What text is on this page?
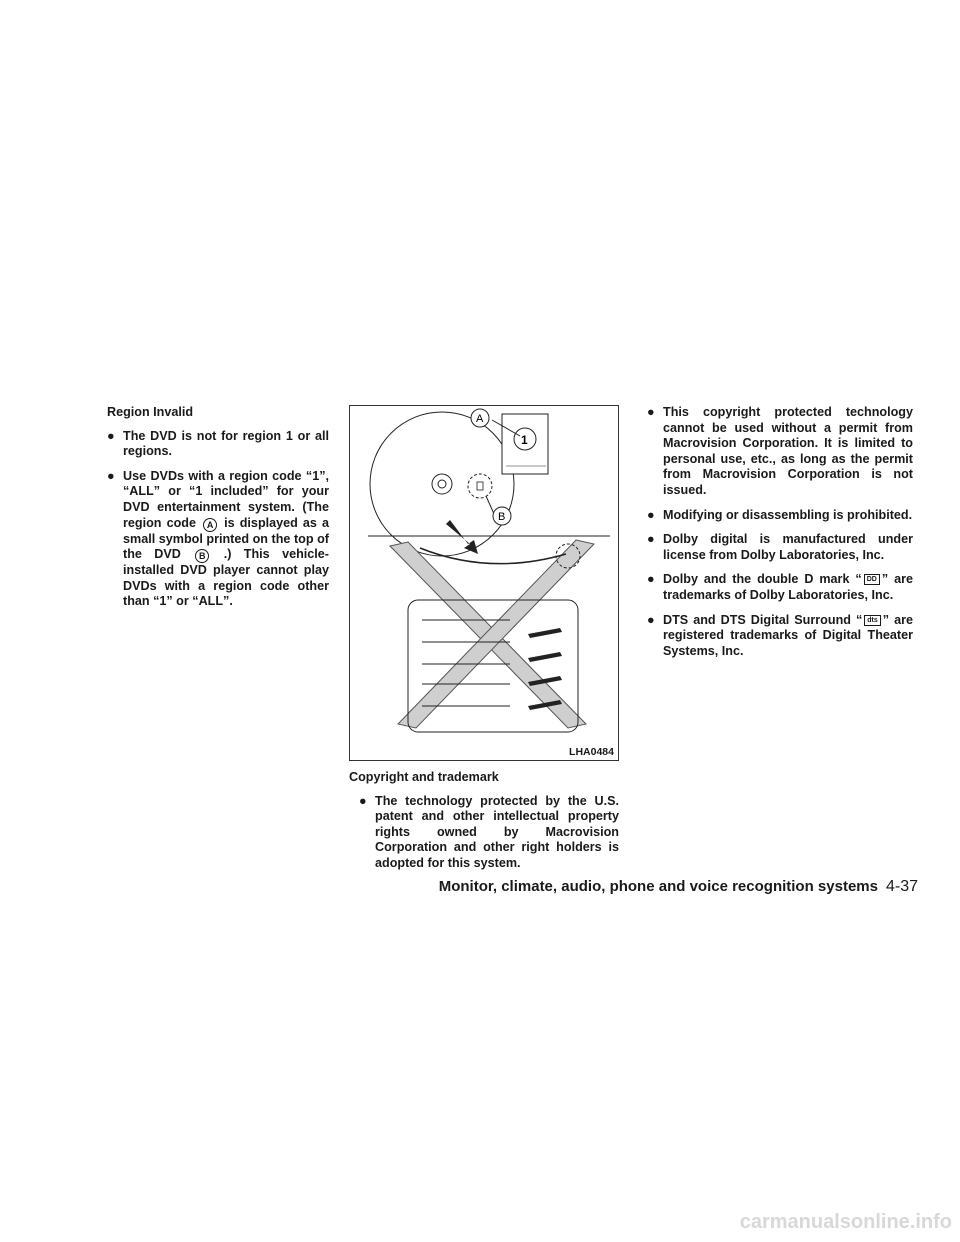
Region Invalid
● The DVD is not for region 1 or all regions.
● Use DVDs with a region code “1”, “ALL” or “1 included” for your DVD entertainment system. (The region code A is displayed as a small symbol printed on the top of the DVD B .) This vehicle-installed DVD player cannot play DVDs with a region code other than “1” or “ALL”.
1
A
B
LHA0484
Copyright and trademark
● The technology protected by the U.S. patent and other intellectual property rights owned by Macrovision Corporation and other right holders is adopted for this system.
● This copyright protected technology cannot be used without a permit from Macrovision Corporation. It is limited to personal use, etc., as long as the permit from Macrovision Corporation is not issued.
● Modifying or disassembling is prohibited.
● Dolby digital is manufactured under license from Dolby Laboratories, Inc.
● Dolby and the double D mark “ DD ” are trademarks of Dolby Laboratories, Inc.
● DTS and DTS Digital Surround “ dts ” are registered trademarks of Digital Theater Systems, Inc.
Monitor, climate, audio, phone and voice recognition systems 4-37
carmanualsonline.info
